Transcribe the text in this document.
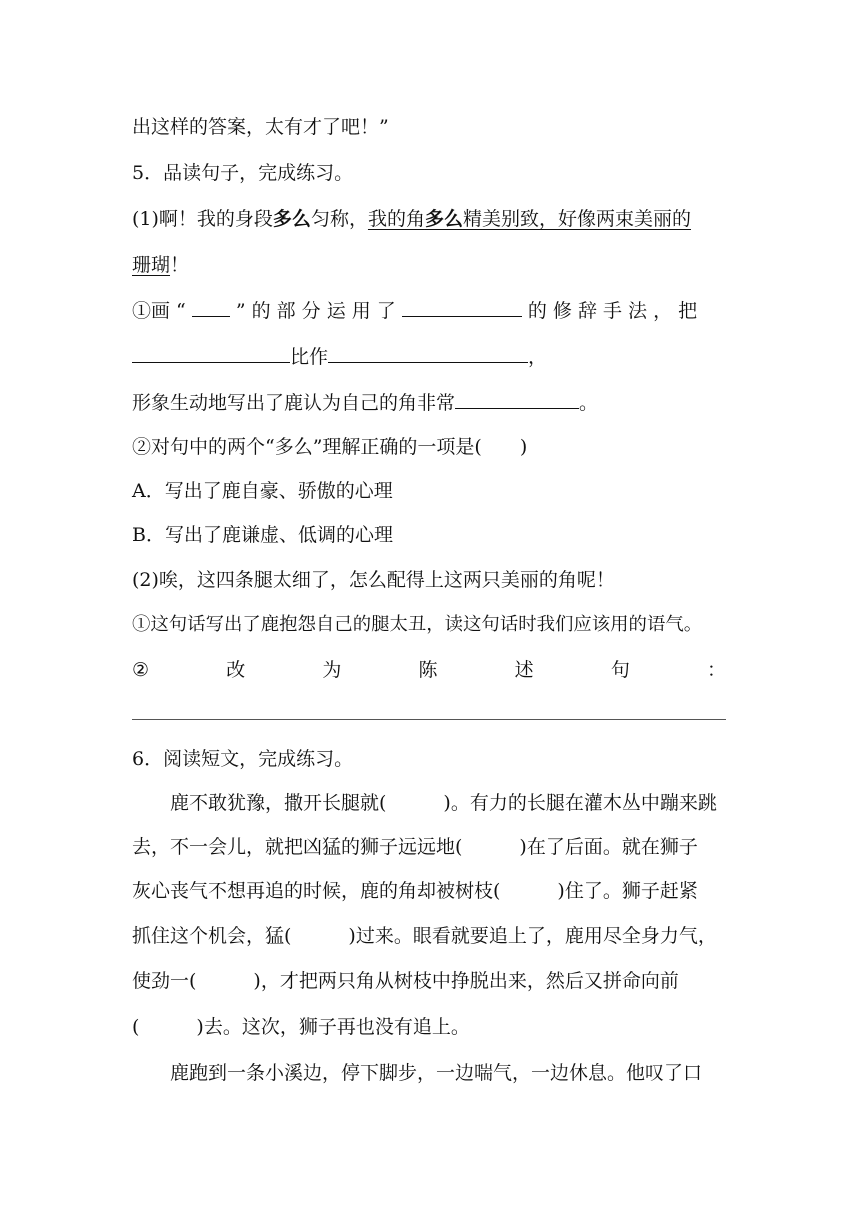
出这样的答案，太有才了吧！”
5．品读句子，完成练习。
(1)啊！我的身段多么匀称，我的角多么精美别致，好像两束美丽的
珊瑚！
①画 “  ” 的 部 分 运 用 了	的 修 辞 手 法 ， 把
比作	，
形象生动地写出了鹿认为自己的角非常	。
②对句中的两个“多么”理解正确的一项是(　　)
A．写出了鹿自豪、骄傲的心理
B．写出了鹿谦虚、低调的心理
(2)唉，这四条腿太细了，怎么配得上这两只美丽的角呢！
①这句话写出了鹿抱怨自己的腿太丑，读这句话时我们应该用的语气。
②	改	为	陈	述	句	：
6．阅读短文，完成练习。
鹿不敢犹豫，撒开长腿就(　　　)。有力的长腿在灌木丛中蹦来跳
去，不一会儿，就把凶猛的狮子远远地(　　　)在了后面。就在狮子
灰心丧气不想再追的时候，鹿的角却被树枝(　　　)住了。狮子赶紧
抓住这个机会，猛(　　　)过来。眼看就要追上了，鹿用尽全身力气，
使劲一(　　　)，才把两只角从树枝中挣脱出来，然后又拼命向前
(　　　)去。这次，狮子再也没有追上。
鹿跑到一条小溪边，停下脚步，一边喘气，一边休息。他叹了口
